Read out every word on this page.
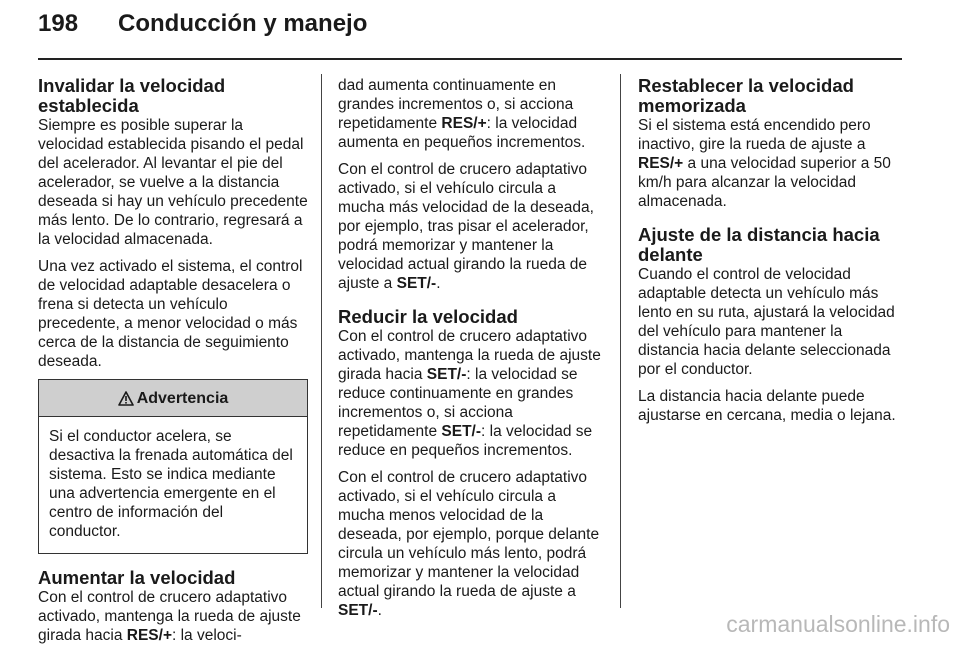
198 Conducción y manejo
Invalidar la velocidad establecida

Siempre es posible superar la velocidad establecida pisando el pedal del acelerador. Al levantar el pie del acelerador, se vuelve a la distancia deseada si hay un vehículo precedente más lento. De lo contrario, regresará a la velocidad almacenada.

Una vez activado el sistema, el control de velocidad adaptable desacelera o frena si detecta un vehículo precedente, a menor velocidad o más cerca de la distancia de seguimiento deseada.

Advertencia
Si el conductor acelera, se desactiva la frenada automática del sistema. Esto se indica mediante una advertencia emergente en el centro de información del conductor.
Aumentar la velocidad

Con el control de crucero adaptativo activado, mantenga la rueda de ajuste girada hacia RES/+: la veloci-

dad aumenta continuamente en grandes incrementos o, si acciona repetidamente RES/+: la velocidad aumenta en pequeños incrementos.

Con el control de crucero adaptativo activado, si el vehículo circula a mucha más velocidad de la deseada, por ejemplo, tras pisar el acelerador, podrá memorizar y mantener la velocidad actual girando la rueda de ajuste a SET/-.

Reducir la velocidad

Con el control de crucero adaptativo activado, mantenga la rueda de ajuste girada hacia SET/-: la velocidad se reduce continuamente en grandes incrementos o, si acciona repetidamente SET/-: la velocidad se reduce en pequeños incrementos.

Con el control de crucero adaptativo activado, si el vehículo circula a mucha menos velocidad de la deseada, por ejemplo, porque delante circula un vehículo más lento, podrá memorizar y mantener la velocidad actual girando la rueda de ajuste a SET/-.

Restablecer la velocidad memorizada

Si el sistema está encendido pero inactivo, gire la rueda de ajuste a RES/+ a una velocidad superior a 50 km/h para alcanzar la velocidad almacenada.

Ajuste de la distancia hacia delante

Cuando el control de velocidad adaptable detecta un vehículo más lento en su ruta, ajustará la velocidad del vehículo para mantener la distancia hacia delante seleccionada por el conductor.

La distancia hacia delante puede ajustarse en cercana, media o lejana.

carmanualsonline.info
